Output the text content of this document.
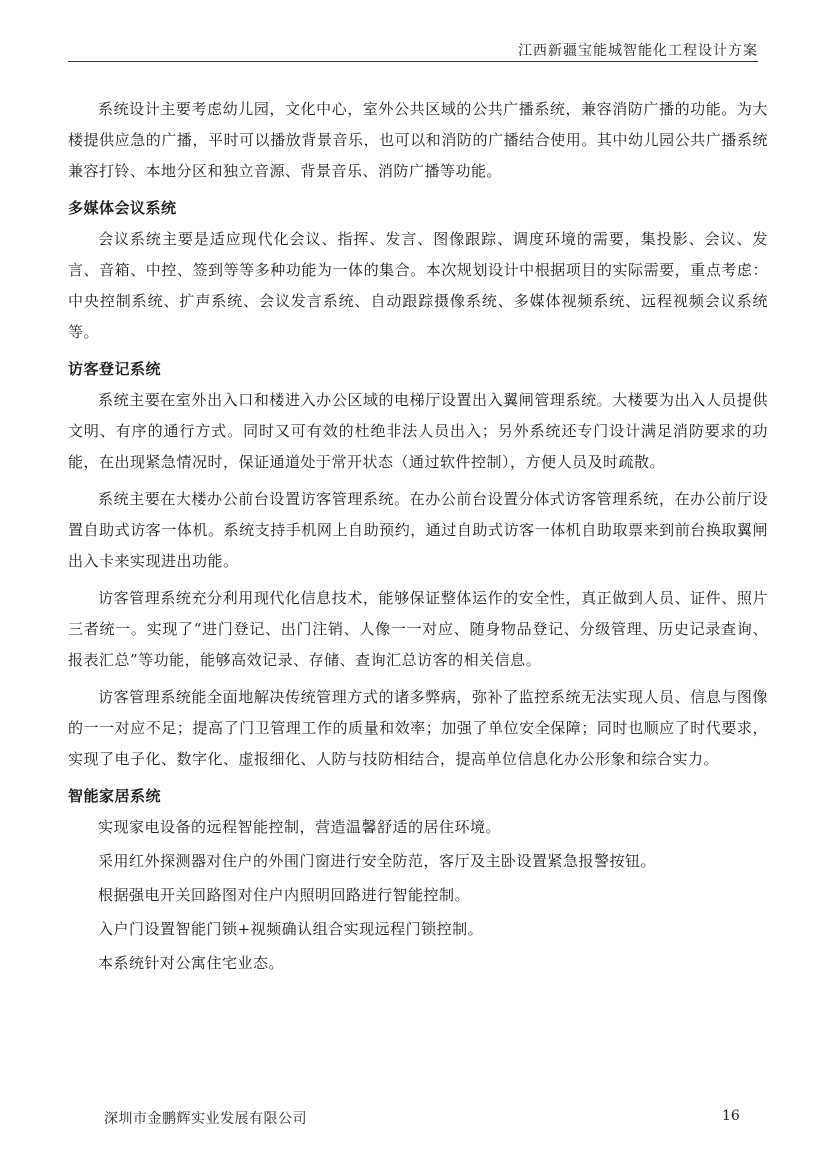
江西新疆宝能城智能化工程设计方案

系统设计主要考虑幼儿园，文化中心，室外公共区域的公共广播系统，兼容消防广播的功能。为大楼提供应急的广播，平时可以播放背景音乐，也可以和消防的广播结合使用。其中幼儿园公共广播系统兼容打铃、本地分区和独立音源、背景音乐、消防广播等功能。

多媒体会议系统

会议系统主要是适应现代化会议、指挥、发言、图像跟踪、调度环境的需要，集投影、会议、发言、音箱、中控、签到等等多种功能为一体的集合。本次规划设计中根据项目的实际需要，重点考虑：中央控制系统、扩声系统、会议发言系统、自动跟踪摄像系统、多媒体视频系统、远程视频会议系统等。

访客登记系统

系统主要在室外出入口和楼进入办公区域的电梯厅设置出入翼闸管理系统。大楼要为出入人员提供文明、有序的通行方式。同时又可有效的杜绝非法人员出入；另外系统还专门设计满足消防要求的功能，在出现紧急情况时，保证通道处于常开状态（通过软件控制），方便人员及时疏散。

系统主要在大楼办公前台设置访客管理系统。在办公前台设置分体式访客管理系统，在办公前厅设置自助式访客一体机。系统支持手机网上自助预约，通过自助式访客一体机自助取票来到前台换取翼闸出入卡来实现进出功能。

访客管理系统充分利用现代化信息技术，能够保证整体运作的安全性，真正做到人员、证件、照片三者统一。实现了“进门登记、出门注销、人像一一对应、随身物品登记、分级管理、历史记录查询、报表汇总”等功能，能够高效记录、存储、查询汇总访客的相关信息。

访客管理系统能全面地解决传统管理方式的诸多弊病，弥补了监控系统无法实现人员、信息与图像的一一对应不足；提高了门卫管理工作的质量和效率；加强了单位安全保障；同时也顺应了时代要求，实现了电子化、数字化、虚报细化、人防与技防相结合，提高单位信息化办公形象和综合实力。

智能家居系统

实现家电设备的远程智能控制，营造温馨舒适的居住环境。

采用红外探测器对住户的外围门窗进行安全防范，客厅及主卧设置紧急报警按钮。

根据强电开关回路图对住户内照明回路进行智能控制。

入户门设置智能门锁+视频确认组合实现远程门锁控制。

本系统针对公寓住宅业态。

深圳市金鹏辉实业发展有限公司	16
